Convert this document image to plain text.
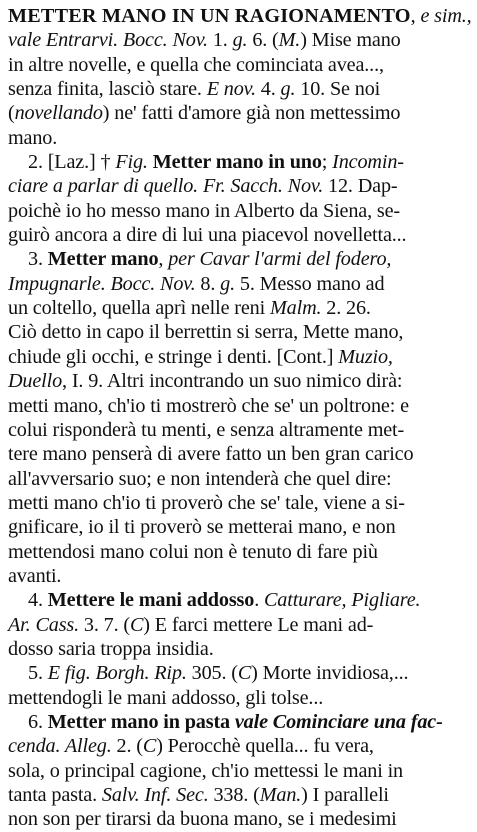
METTER MANO IN UN RAGIONAMENTO, e sim.,
vale Entrarvi. Bocc. Nov. 1. g. 6. (M.) Mise mano
in altre novelle, e quella che cominciata avea...,
senza finita, lasciò stare. E nov. 4. g. 10. Se noi
(novellando) ne' fatti d'amore già non mettessimo
mano.
2. [Laz.] † Fig. Metter mano in uno; Incomin-
ciare a parlar di quello. Fr. Sacch. Nov. 12. Dap-
poichè io ho messo mano in Alberto da Siena, se-
guirò ancora a dire di lui una piacevol novelletta...
3. Metter mano, per Cavar l'armi del fodero,
Impugnarle. Bocc. Nov. 8. g. 5. Messo mano ad
un coltello, quella aprì nelle reni Malm. 2. 26.
Ciò detto in capo il berrettin si serra, Mette mano,
chiude gli occhi, e stringe i denti. [Cont.] Muzio,
Duello, I. 9. Altri incontrando un suo nimico dirà:
metti mano, ch'io ti mostrerò che se' un poltrone: e
colui risponderà tu menti, e senza altramente met-
tere mano penserà di avere fatto un ben gran carico
all'avversario suo; e non intenderà che quel dire:
metti mano ch'io ti proverò che se' tale, viene a si-
gnificare, io il ti proverò se metterai mano, e non
mettendosi mano colui non è tenuto di fare più
avanti.
4. Mettere le mani addosso. Catturare, Pigliare.
Ar. Cass. 3. 7. (C) E farci mettere Le mani ad-
dosso saria troppa insidia.
5. E fig. Borgh. Rip. 305. (C) Morte invidiosa,...
mettendogli le mani addosso, gli tolse...
6. Metter mano in pasta vale Cominciare una fac-
cenda. Alleg. 2. (C) Perocchè quella... fu vera,
sola, o principal cagione, ch'io mettessi le mani in
tanta pasta. Salv. Inf. Sec. 338. (Man.) I paralleli
non son per tirarsi da buona mano, se i medesimi
